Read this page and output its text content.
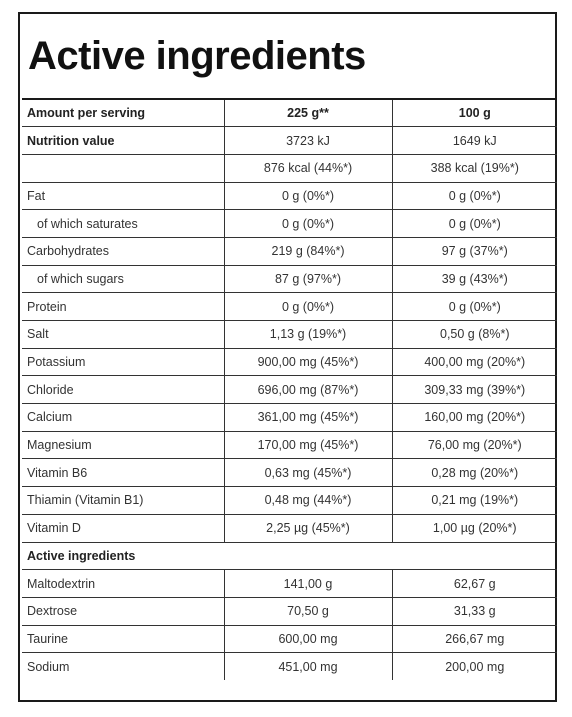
Active ingredients
Amount per serving	225 g**	100 g
Nutrition value	3723 kJ	1649 kJ
	876 kcal (44%*)	388 kcal (19%*)
Fat	0 g (0%*)	0 g (0%*)
of which saturates	0 g (0%*)	0 g (0%*)
Carbohydrates	219 g (84%*)	97 g (37%*)
of which sugars	87 g (97%*)	39 g (43%*)
Protein	0 g (0%*)	0 g (0%*)
Salt	1,13 g (19%*)	0,50 g (8%*)
Potassium	900,00 mg (45%*)	400,00 mg (20%*)
Chloride	696,00 mg (87%*)	309,33 mg (39%*)
Calcium	361,00 mg (45%*)	160,00 mg (20%*)
Magnesium	170,00 mg (45%*)	76,00 mg (20%*)
Vitamin B6	0,63 mg (45%*)	0,28 mg (20%*)
Thiamin (Vitamin B1)	0,48 mg (44%*)	0,21 mg (19%*)
Vitamin D	2,25 µg (45%*)	1,00 µg (20%*)
Active ingredients		
Maltodextrin	141,00 g	62,67 g
Dextrose	70,50 g	31,33 g
Taurine	600,00 mg	266,67 mg
Sodium	451,00 mg	200,00 mg
